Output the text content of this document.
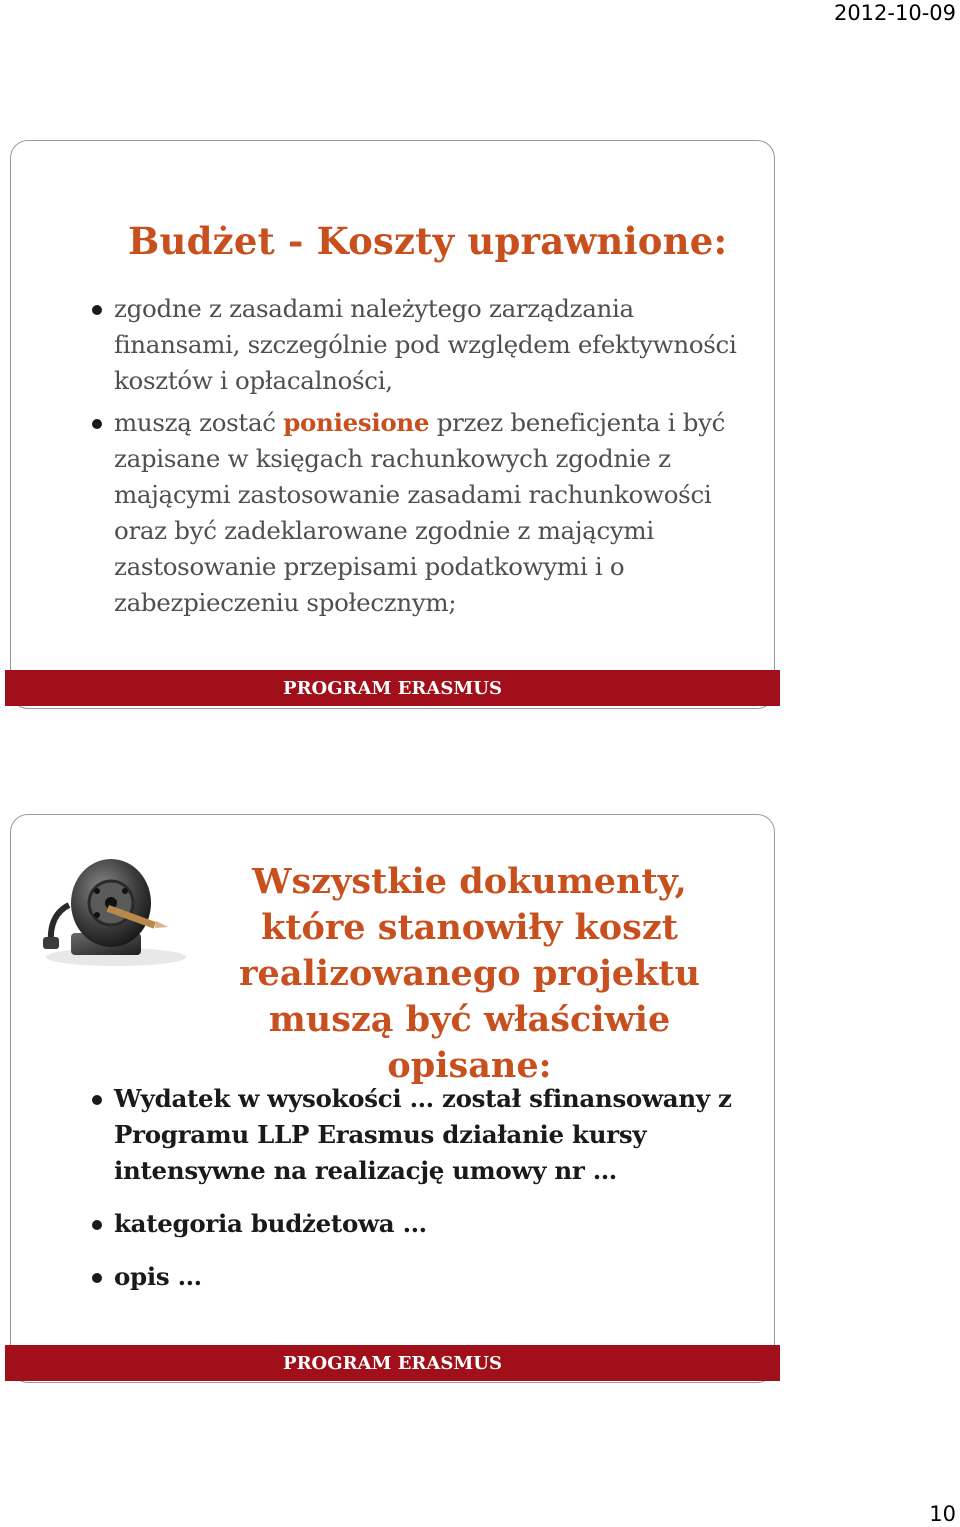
2012-10-09
Budżet - Koszty uprawnione:
zgodne z zasadami należytego zarządzania finansami, szczególnie pod względem efektywności kosztów i opłacalności,
muszą zostać poniesione przez beneficjenta i być zapisane w księgach rachunkowych zgodnie z mającymi zastosowanie zasadami rachunkowości oraz być zadeklarowane zgodnie z mającymi zastosowanie przepisami podatkowymi i o zabezpieczeniu społecznym;
PROGRAM ERASMUS
Wszystkie dokumenty, które stanowiły koszt realizowanego projektu muszą być właściwie opisane:
Wydatek w wysokości … został sfinansowany z Programu LLP Erasmus działanie kursy intensywne na realizację umowy nr …
kategoria budżetowa …
opis …
PROGRAM ERASMUS
10
